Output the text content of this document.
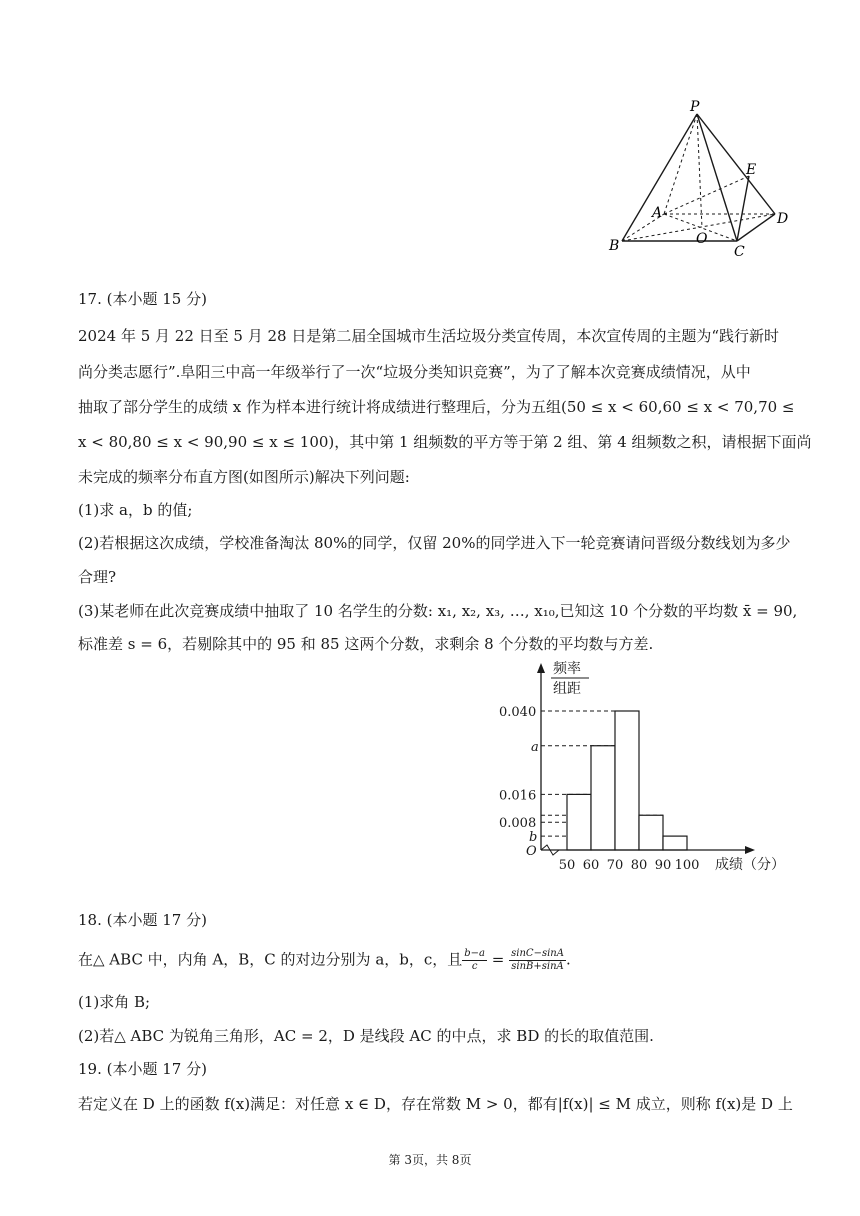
P
E
A	D
O
B	C
17. (本小题 15 分)
2024 年 5 月 22 日至 5 月 28 日是第二届全国城市生活垃圾分类宣传周，本次宣传周的主题为“践行新时
尚分类志愿行”.阜阳三中高一年级举行了一次“垃圾分类知识竞赛”，为了了解本次竞赛成绩情况，从中
抽取了部分学生的成绩 x 作为样本进行统计将成绩进行整理后，分为五组(50 ≤ x < 60,60 ≤ x < 70,70 ≤
x < 80,80 ≤ x < 90,90 ≤ x ≤ 100)，其中第 1 组频数的平方等于第 2 组、第 4 组频数之积，请根据下面尚
未完成的频率分布直方图(如图所示)解决下列问题:
(1)求 a，b 的值;
(2)若根据这次成绩，学校准备淘汰 80%的同学，仅留 20%的同学进入下一轮竞赛请问晋级分数线划为多少
合理?
(3)某老师在此次竞赛成绩中抽取了 10 名学生的分数: x₁, x₂, x₃, …, x₁₀,已知这 10 个分数的平均数 x̄ = 90,
标准差 s = 6，若剔除其中的 95 和 85 这两个分数，求剩余 8 个分数的平均数与方差.
频率
组距
0.040
a
0.016
0.008
b
O
50 60 70 80 90 100 成绩（分）
18. (本小题 17 分)
在△ ABC 中，内角 A，B，C 的对边分别为 a，b，c，且 $\frac{b-a}{c} = \frac{\sin C-\sin A}{\sin B+\sin A}$ .
(1)求角 B;
(2)若△ ABC 为锐角三角形，AC = 2，D 是线段 AC 的中点，求 BD 的长的取值范围.
19. (本小题 17 分)
若定义在 D 上的函数 f(x)满足：对任意 x ∈ D，存在常数 M > 0，都有|f(x)| ≤ M 成立，则称 f(x)是 D 上
第 3页，共 8页
